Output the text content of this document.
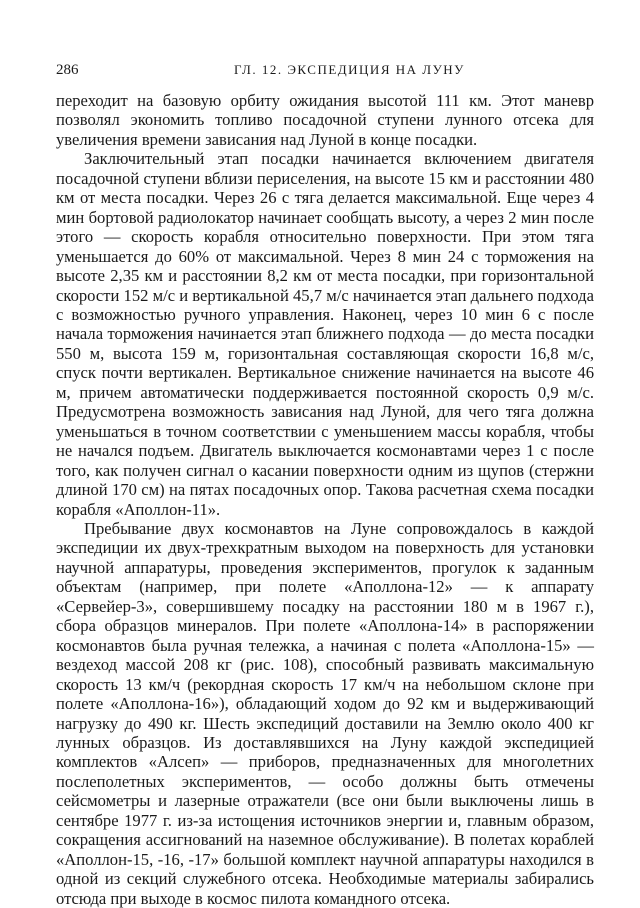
286	ГЛ. 12. ЭКСПЕДИЦИЯ НА ЛУНУ

переходит на базовую орбиту ожидания высотой 111 км. Этот маневр позволял экономить топливо посадочной ступени лунного отсека для увеличения времени зависания над Луной в конце посадки.

Заключительный этап посадки начинается включением двигателя посадочной ступени вблизи периселения, на высоте 15 км и расстоянии 480 км от места посадки. Через 26 с тяга делается максимальной. Еще через 4 мин бортовой радиолокатор начинает сообщать высоту, а через 2 мин после этого — скорость корабля относительно поверхности. При этом тяга уменьшается до 60% от максимальной. Через 8 мин 24 с торможения на высоте 2,35 км и расстоянии 8,2 км от места посадки, при горизонтальной скорости 152 м/с и вертикальной 45,7 м/с начинается этап дальнего подхода с возможностью ручного управления. Наконец, через 10 мин 6 с после начала торможения начинается этап ближнего подхода — до места посадки 550 м, высота 159 м, горизонтальная составляющая скорости 16,8 м/с, спуск почти вертикален. Вертикальное снижение начинается на высоте 46 м, причем автоматически поддерживается постоянной скорость 0,9 м/с. Предусмотрена возможность зависания над Луной, для чего тяга должна уменьшаться в точном соответствии с уменьшением массы корабля, чтобы не начался подъем. Двигатель выключается космонавтами через 1 с после того, как получен сигнал о касании поверхности одним из щупов (стержни длиной 170 см) на пятах посадочных опор. Такова расчетная схема посадки корабля «Аполлон-11».

Пребывание двух космонавтов на Луне сопровождалось в каждой экспедиции их двух-трехкратным выходом на поверхность для установки научной аппаратуры, проведения экспериментов, прогулок к заданным объектам (например, при полете «Аполлона-12» — к аппарату «Сервейер-3», совершившему посадку на расстоянии 180 м в 1967 г.), сбора образцов минералов. При полете «Аполлона-14» в распоряжении космонавтов была ручная тележка, а начиная с полета «Аполлона-15» — вездеход массой 208 кг (рис. 108), способный развивать максимальную скорость 13 км/ч (рекордная скорость 17 км/ч на небольшом склоне при полете «Аполлона-16»), обладающий ходом до 92 км и выдерживающий нагрузку до 490 кг. Шесть экспедиций доставили на Землю около 400 кг лунных образцов. Из доставлявшихся на Луну каждой экспедицией комплектов «Алсеп» — приборов, предназначенных для многолетних послеполетных экспериментов, — особо должны быть отмечены сейсмометры и лазерные отражатели (все они были выключены лишь в сентябре 1977 г. из-за истощения источников энергии и, главным образом, сокращения ассигнований на наземное обслуживание). В полетах кораблей «Аполлон-15, -16, -17» большой комплект научной аппаратуры находился в одной из секций служебного отсека. Необходимые материалы забирались отсюда при выходе в космос пилота командного отсека.
